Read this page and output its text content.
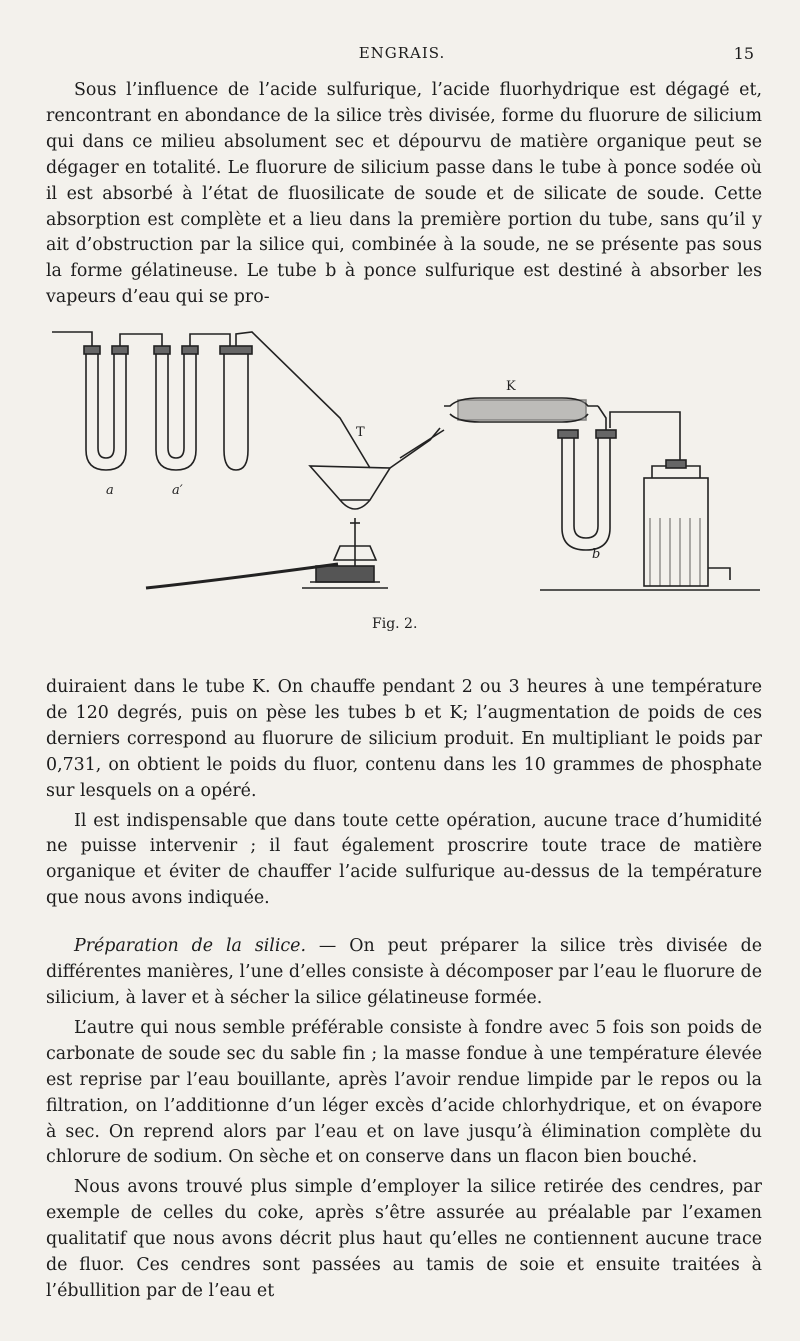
ENGRAIS.	15

Sous l’influence de l’acide sulfurique, l’acide fluorhydrique est dégagé et, rencontrant en abondance de la silice très divisée, forme du fluorure de silicium qui dans ce milieu absolument sec et dépourvu de matière organique peut se dégager en totalité. Le fluorure de silicium passe dans le tube à ponce sodée où il est absorbé à l’état de fluosilicate de soude et de silicate de soude. Cette absorption est complète et a lieu dans la première portion du tube, sans qu’il y ait d’obstruction par la silice qui, combinée à la soude, ne se présente pas sous la forme gélatineuse. Le tube b à ponce sulfurique est destiné à absorber les vapeurs d’eau qui se pro-

a	a′
T
K
b
Fig. 2.

duiraient dans le tube K. On chauffe pendant 2 ou 3 heures à une température de 120 degrés, puis on pèse les tubes b et K; l’augmentation de poids de ces derniers correspond au fluorure de silicium produit. En multipliant le poids par 0,731, on obtient le poids du fluor, contenu dans les 10 grammes de phosphate sur lesquels on a opéré.

Il est indispensable que dans toute cette opération, aucune trace d’humidité ne puisse intervenir ; il faut également proscrire toute trace de matière organique et éviter de chauffer l’acide sulfurique au-dessus de la température que nous avons indiquée.

Préparation de la silice. — On peut préparer la silice très divisée de différentes manières, l’une d’elles consiste à décomposer par l’eau le fluorure de silicium, à laver et à sécher la silice gélatineuse formée.

L’autre qui nous semble préférable consiste à fondre avec 5 fois son poids de carbonate de soude sec du sable fin ; la masse fondue à une température élevée est reprise par l’eau bouillante, après l’avoir rendue limpide par le repos ou la filtration, on l’additionne d’un léger excès d’acide chlorhydrique, et on évapore à sec. On reprend alors par l’eau et on lave jusqu’à élimination complète du chlorure de sodium. On sèche et on conserve dans un flacon bien bouché.

Nous avons trouvé plus simple d’employer la silice retirée des cendres, par exemple de celles du coke, après s’être assurée au préalable par l’examen qualitatif que nous avons décrit plus haut qu’elles ne contiennent aucune trace de fluor. Ces cendres sont passées au tamis de soie et ensuite traitées à l’ébullition par de l’eau et
